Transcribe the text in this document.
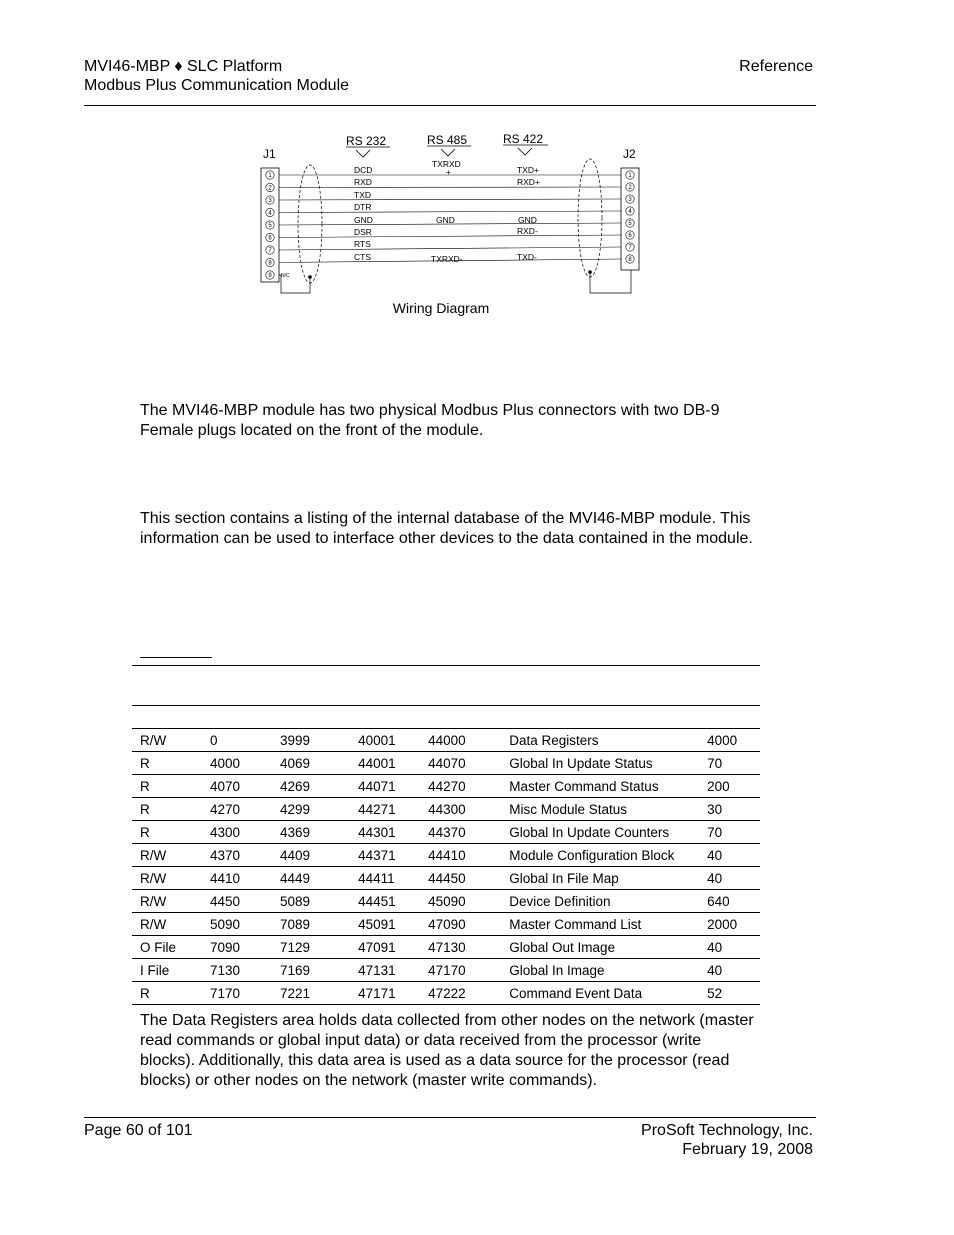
MVI46-MBP ♦ SLC Platform
Modbus Plus Communication Module
Reference
J1	J2
RS 232	RS 485	RS 422
1
2
3
4
5
6
7
8
9 N/C
1
2
3
4
5
6
7
8
DCD
RXD
TXD
DTR
GND
DSR
RTS
CTS
TXRXD
+
GND
TXRXD-
TXD+
RXD+
GND
RXD-
TXD-
Wiring Diagram

The MVI46-MBP module has two physical Modbus Plus connectors with two DB-9 Female plugs located on the front of the module.

This section contains a listing of the internal database of the MVI46-MBP module. This information can be used to interface other devices to the data contained in the module.

R/W	0	3999	40001	44000	Data Registers	4000
R	4000	4069	44001	44070	Global In Update Status	70
R	4070	4269	44071	44270	Master Command Status	200
R	4270	4299	44271	44300	Misc Module Status	30
R	4300	4369	44301	44370	Global In Update Counters	70
R/W	4370	4409	44371	44410	Module Configuration Block	40
R/W	4410	4449	44411	44450	Global In File Map	40
R/W	4450	5089	44451	45090	Device Definition	640
R/W	5090	7089	45091	47090	Master Command List	2000
O File	7090	7129	47091	47130	Global Out Image	40
I File	7130	7169	47131	47170	Global In Image	40
R	7170	7221	47171	47222	Command Event Data	52

The Data Registers area holds data collected from other nodes on the network (master read commands or global input data) or data received from the processor (write blocks). Additionally, this data area is used as a data source for the processor (read blocks) or other nodes on the network (master write commands).

Page 60 of 101	ProSoft Technology, Inc.
February 19, 2008
